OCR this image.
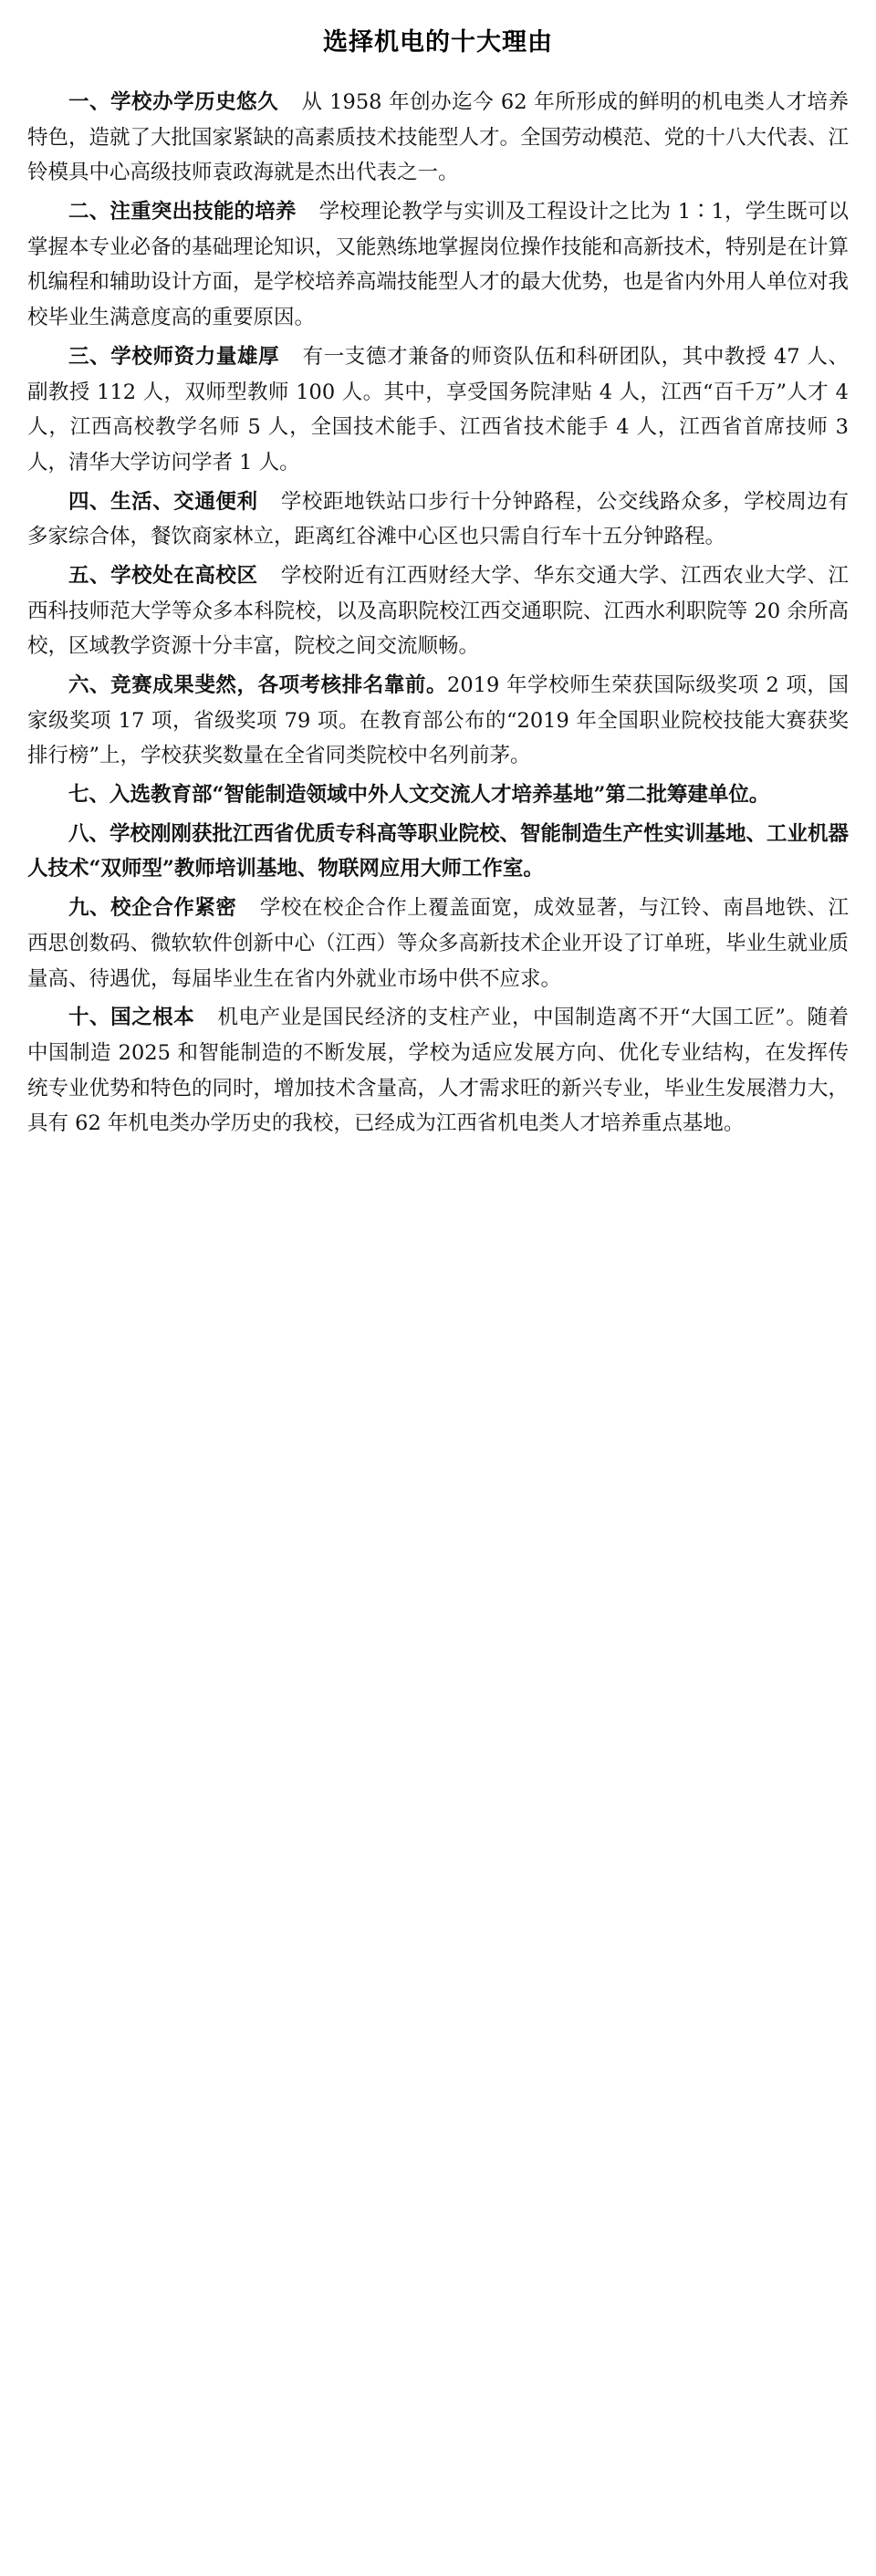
选择机电的十大理由

一、学校办学历史悠久 从 1958 年创办迄今 62 年所形成的鲜明的机电类人才培养特色，造就了大批国家紧缺的高素质技术技能型人才。全国劳动模范、党的十八大代表、江铃模具中心高级技师袁政海就是杰出代表之一。

二、注重突出技能的培养 学校理论教学与实训及工程设计之比为 1∶1，学生既可以掌握本专业必备的基础理论知识，又能熟练地掌握岗位操作技能和高新技术，特别是在计算机编程和辅助设计方面，是学校培养高端技能型人才的最大优势，也是省内外用人单位对我校毕业生满意度高的重要原因。

三、学校师资力量雄厚 有一支德才兼备的师资队伍和科研团队，其中教授 47 人、副教授 112 人，双师型教师 100 人。其中，享受国务院津贴 4 人，江西“百千万”人才 4 人，江西高校教学名师 5 人，全国技术能手、江西省技术能手 4 人，江西省首席技师 3 人，清华大学访问学者 1 人。

四、生活、交通便利 学校距地铁站口步行十分钟路程，公交线路众多，学校周边有多家综合体，餐饮商家林立，距离红谷滩中心区也只需自行车十五分钟路程。

五、学校处在高校区 学校附近有江西财经大学、华东交通大学、江西农业大学、江西科技师范大学等众多本科院校，以及高职院校江西交通职院、江西水利职院等 20 余所高校，区域教学资源十分丰富，院校之间交流顺畅。

六、竞赛成果斐然，各项考核排名靠前。2019 年学校师生荣获国际级奖项 2 项，国家级奖项 17 项，省级奖项 79 项。在教育部公布的“2019 年全国职业院校技能大赛获奖排行榜”上，学校获奖数量在全省同类院校中名列前茅。

七、入选教育部“智能制造领域中外人文交流人才培养基地”第二批筹建单位。

八、学校刚刚获批江西省优质专科高等职业院校、智能制造生产性实训基地、工业机器人技术“双师型”教师培训基地、物联网应用大师工作室。

九、校企合作紧密 学校在校企合作上覆盖面宽，成效显著，与江铃、南昌地铁、江西思创数码、微软软件创新中心（江西）等众多高新技术企业开设了订单班，毕业生就业质量高、待遇优，每届毕业生在省内外就业市场中供不应求。

十、国之根本 机电产业是国民经济的支柱产业，中国制造离不开“大国工匠”。随着中国制造 2025 和智能制造的不断发展，学校为适应发展方向、优化专业结构，在发挥传统专业优势和特色的同时，增加技术含量高，人才需求旺的新兴专业，毕业生发展潜力大，具有 62 年机电类办学历史的我校，已经成为江西省机电类人才培养重点基地。
